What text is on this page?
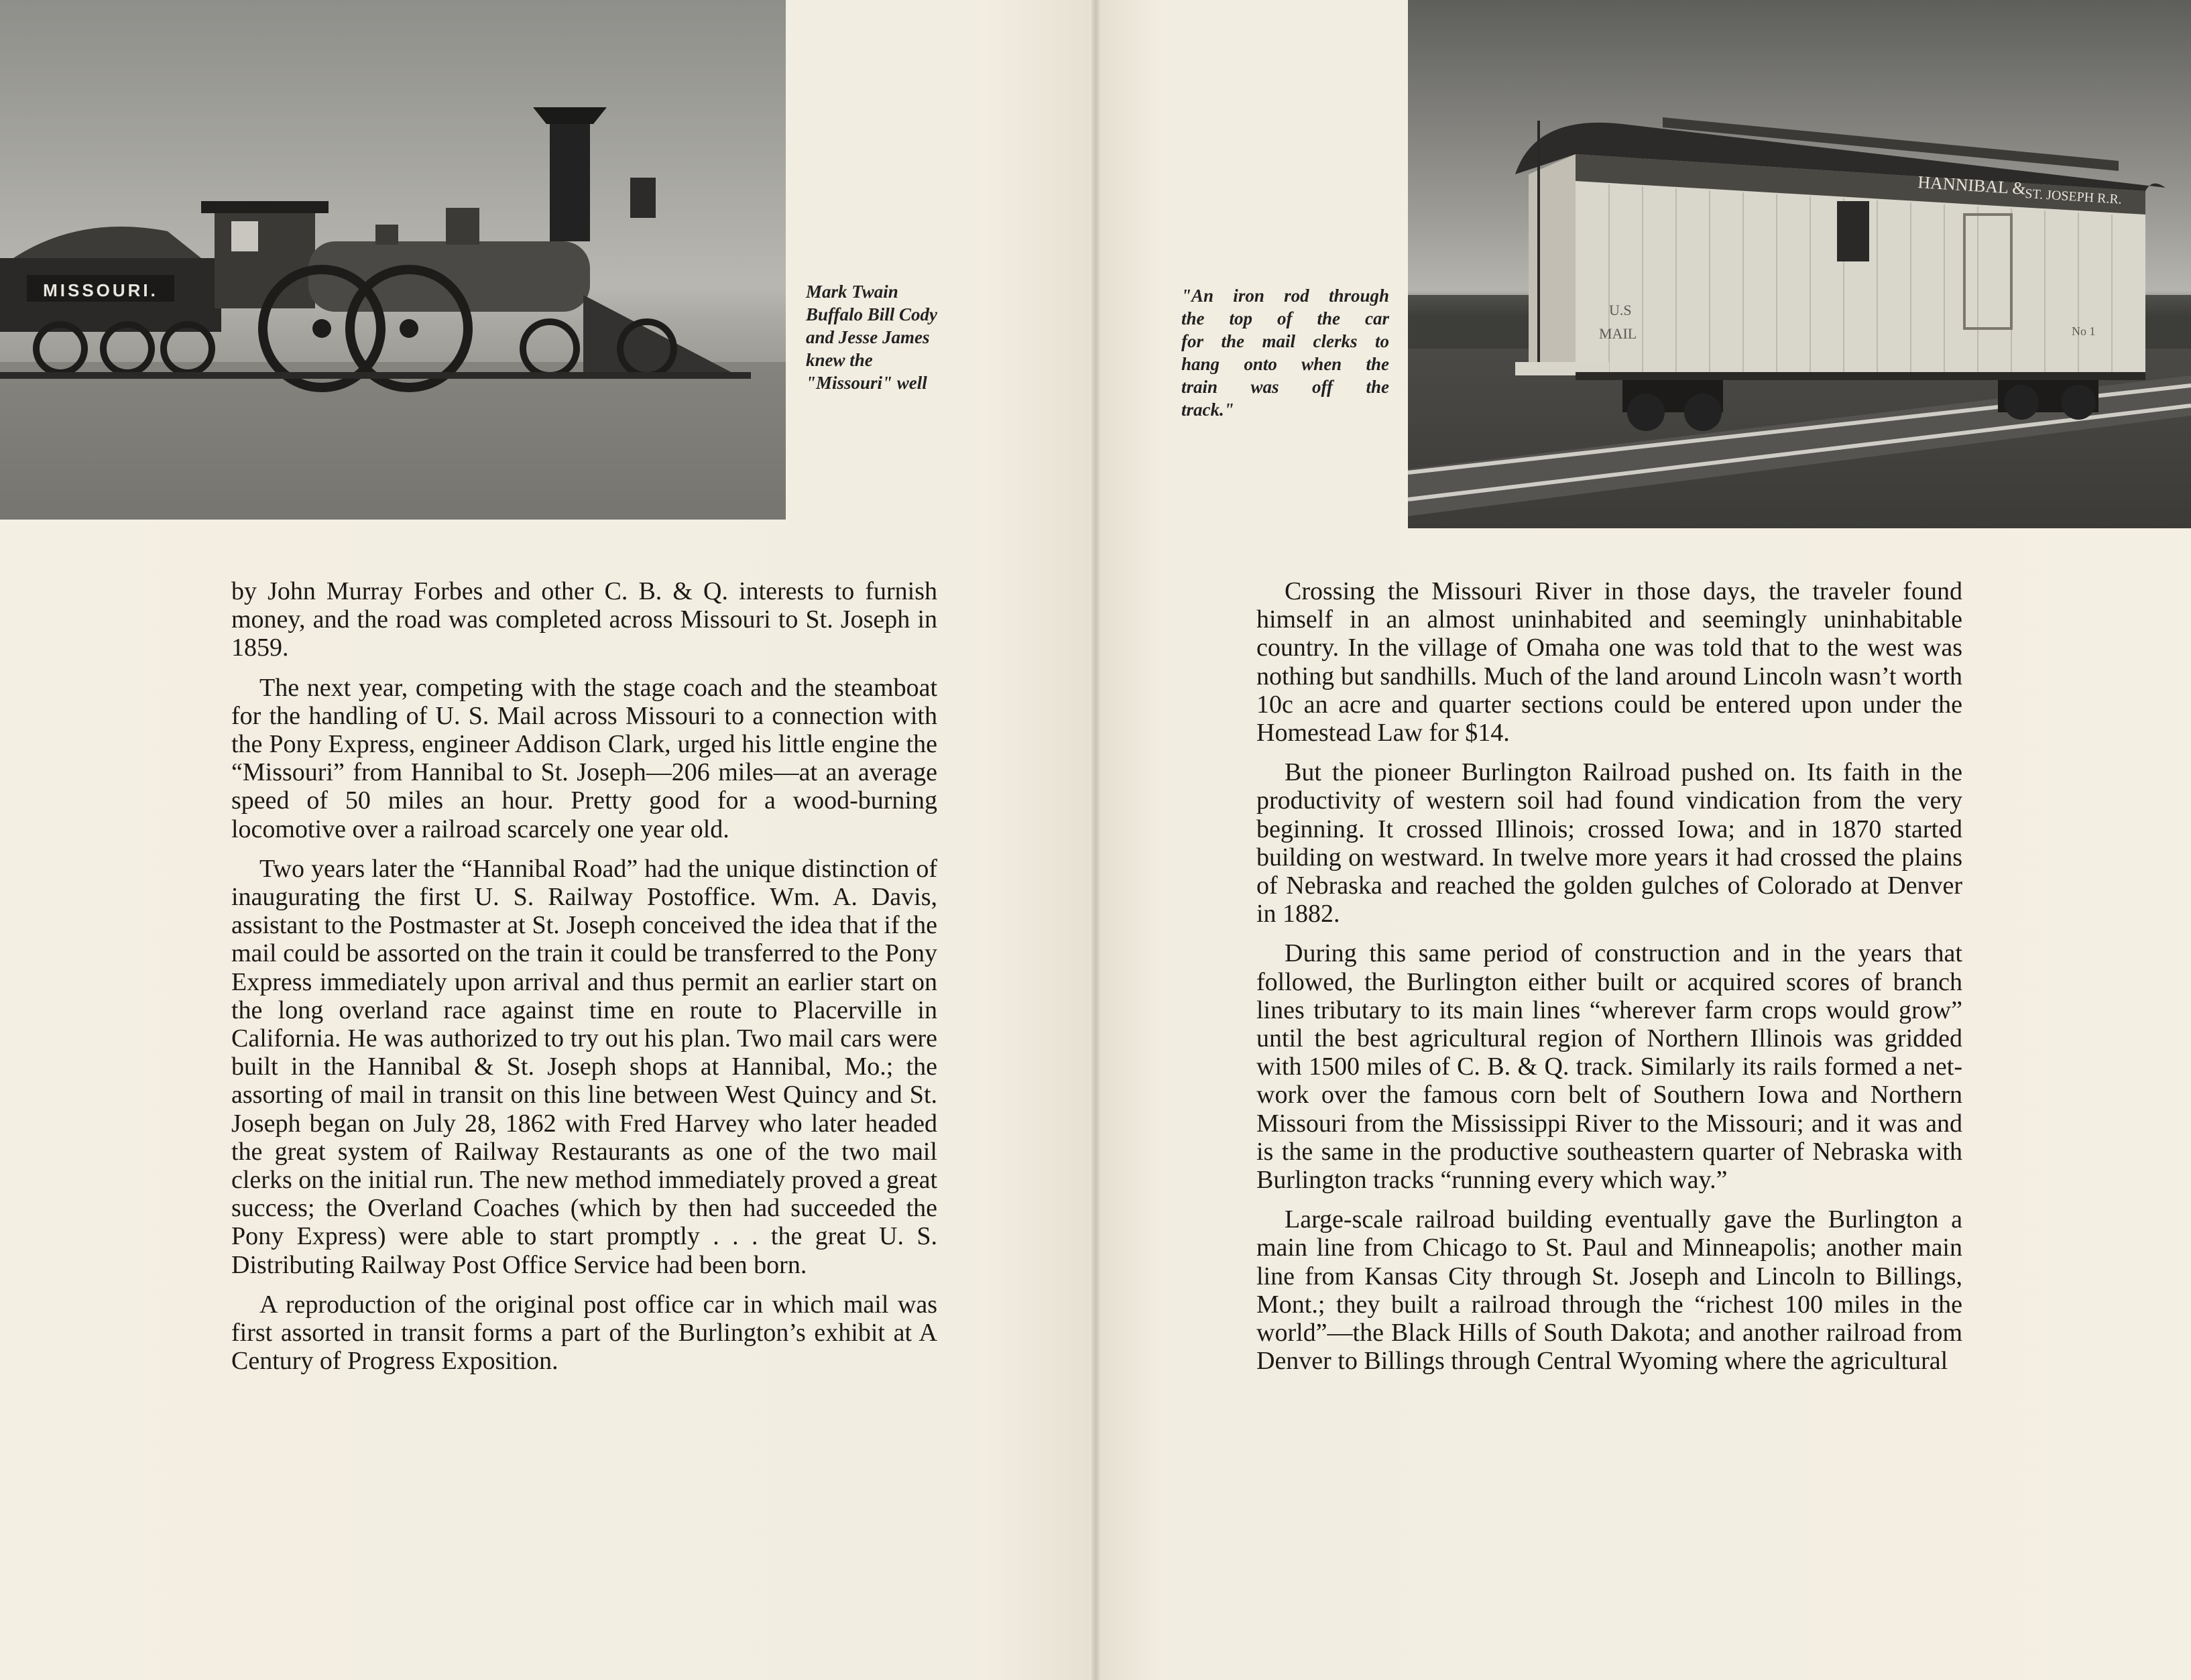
MISSOURI.	Mark Twain
Buffalo Bill Cody
and Jesse James
knew the
"Missouri" well

by John Murray Forbes and other C. B. & Q. interests to furnish money, and the road was completed across Missouri to St. Joseph in 1859.

The next year, competing with the stage coach and the steamboat for the handling of U. S. Mail across Missouri to a connection with the Pony Express, engineer Addison Clark, urged his little engine the “Missouri” from Hannibal to St. Joseph—206 miles—at an average speed of 50 miles an hour. Pretty good for a wood-burning locomotive over a railroad scarcely one year old.

Two years later the “Hannibal Road” had the unique distinction of inaugurating the first U. S. Railway Postoffice. Wm. A. Davis, assistant to the Postmaster at St. Joseph conceived the idea that if the mail could be assorted on the train it could be transferred to the Pony Express immediately upon arrival and thus permit an earlier start on the long overland race against time en route to Placerville in California. He was authorized to try out his plan. Two mail cars were built in the Hannibal & St. Joseph shops at Hannibal, Mo.; the assorting of mail in transit on this line between West Quincy and St. Joseph began on July 28, 1862 with Fred Harvey who later headed the great system of Railway Restaurants as one of the two mail clerks on the initial run. The new method immediately proved a great success; the Overland Coaches (which by then had succeeded the Pony Express) were able to start promptly . . . the great U. S. Distributing Railway Post Office Service had been born.

A reproduction of the original post office car in which mail was first assorted in transit forms a part of the Burlington’s exhibit at A Century of Progress Exposition.

HANNIBAL &
ST. JOSEPH R.R.
U.S
MAIL	No 1
"An iron rod through
the top of the car
for the mail clerks to
hang onto when the
train was off the
track."

Crossing the Missouri River in those days, the traveler found himself in an almost uninhabited and seemingly uninhabitable country. In the village of Omaha one was told that to the west was nothing but sandhills. Much of the land around Lincoln wasn’t worth 10c an acre and quarter sections could be entered upon under the Homestead Law for $14.

But the pioneer Burlington Railroad pushed on. Its faith in the productivity of western soil had found vindication from the very beginning. It crossed Illinois; crossed Iowa; and in 1870 started building on westward. In twelve more years it had crossed the plains of Nebraska and reached the golden gulches of Colorado at Denver in 1882.

During this same period of construction and in the years that followed, the Burlington either built or acquired scores of branch lines tributary to its main lines “wherever farm crops would grow” until the best agricultural region of Northern Illinois was gridded with 1500 miles of C. B. & Q. track. Similarly its rails formed a net-work over the famous corn belt of Southern Iowa and Northern Missouri from the Mississippi River to the Missouri; and it was and is the same in the productive southeastern quarter of Nebraska with Burlington tracks “running every which way.”

Large-scale railroad building eventually gave the Burlington a main line from Chicago to St. Paul and Minneapolis; another main line from Kansas City through St. Joseph and Lincoln to Billings, Mont.; they built a railroad through the “richest 100 miles in the world”—the Black Hills of South Dakota; and another railroad from Denver to Billings through Central Wyoming where the agricultural
